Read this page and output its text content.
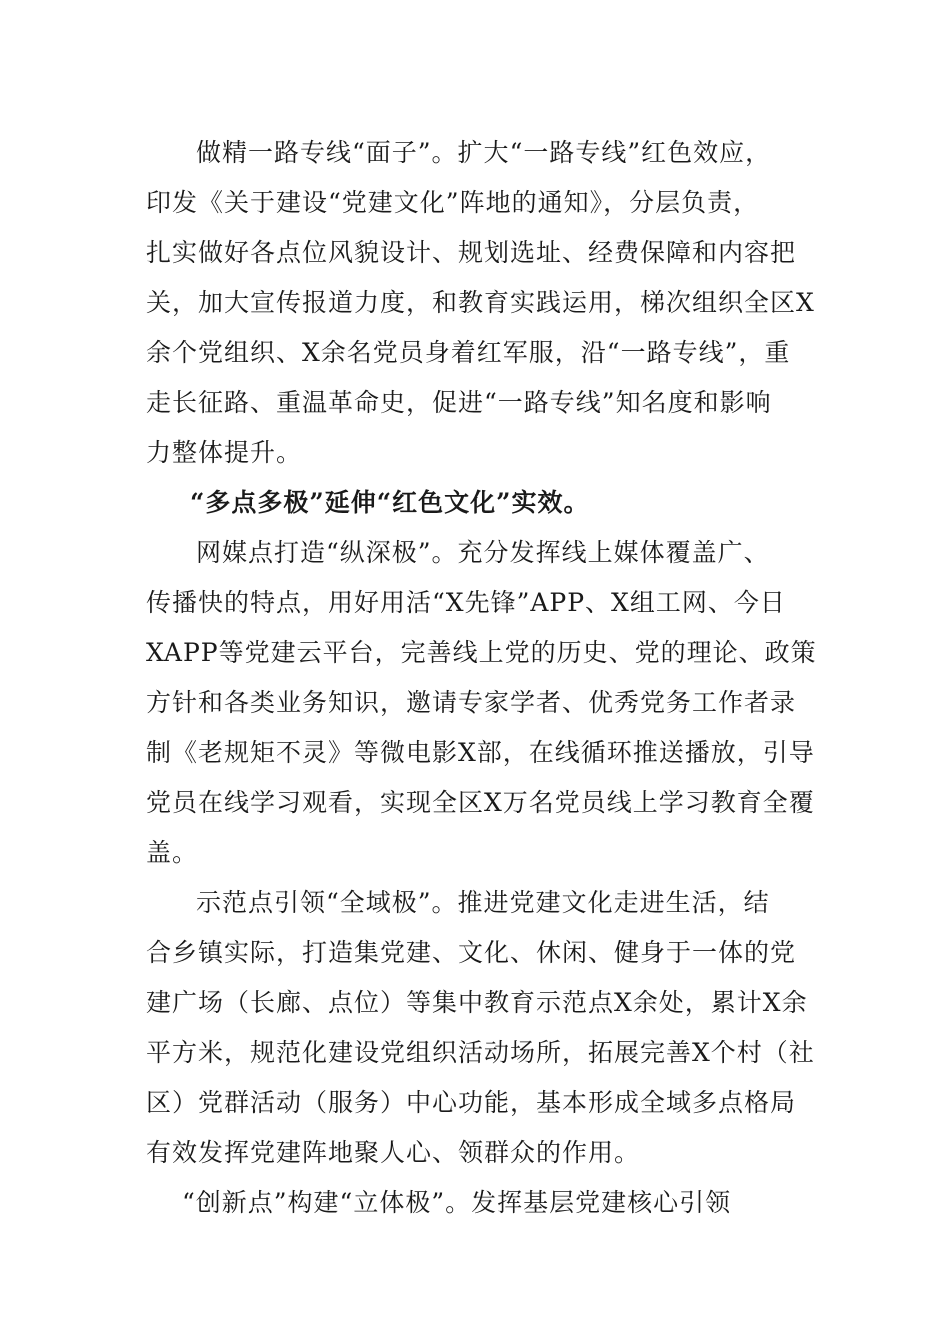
做精一路专线“面子”。扩大“一路专线”红色效应，
印发《关于建设“党建文化”阵地的通知》，分层负责，
扎实做好各点位风貌设计、规划选址、经费保障和内容把
关，加大宣传报道力度，和教育实践运用，梯次组织全区X
余个党组织、X余名党员身着红军服，沿“一路专线”，重
走长征路、重温革命史，促进“一路专线”知名度和影响
力整体提升。
“多点多极”延伸“红色文化”实效。
网媒点打造“纵深极”。充分发挥线上媒体覆盖广、
传播快的特点，用好用活“X先锋”APP、X组工网、今日
XAPP等党建云平台，完善线上党的历史、党的理论、政策
方针和各类业务知识，邀请专家学者、优秀党务工作者录
制《老规矩不灵》等微电影X部，在线循环推送播放，引导
党员在线学习观看，实现全区X万名党员线上学习教育全覆
盖。
示范点引领“全域极”。推进党建文化走进生活，结
合乡镇实际，打造集党建、文化、休闲、健身于一体的党
建广场（长廊、点位）等集中教育示范点X余处，累计X余
平方米，规范化建设党组织活动场所，拓展完善X个村（社
区）党群活动（服务）中心功能，基本形成全域多点格局
有效发挥党建阵地聚人心、领群众的作用。
“创新点”构建“立体极”。发挥基层党建核心引领
